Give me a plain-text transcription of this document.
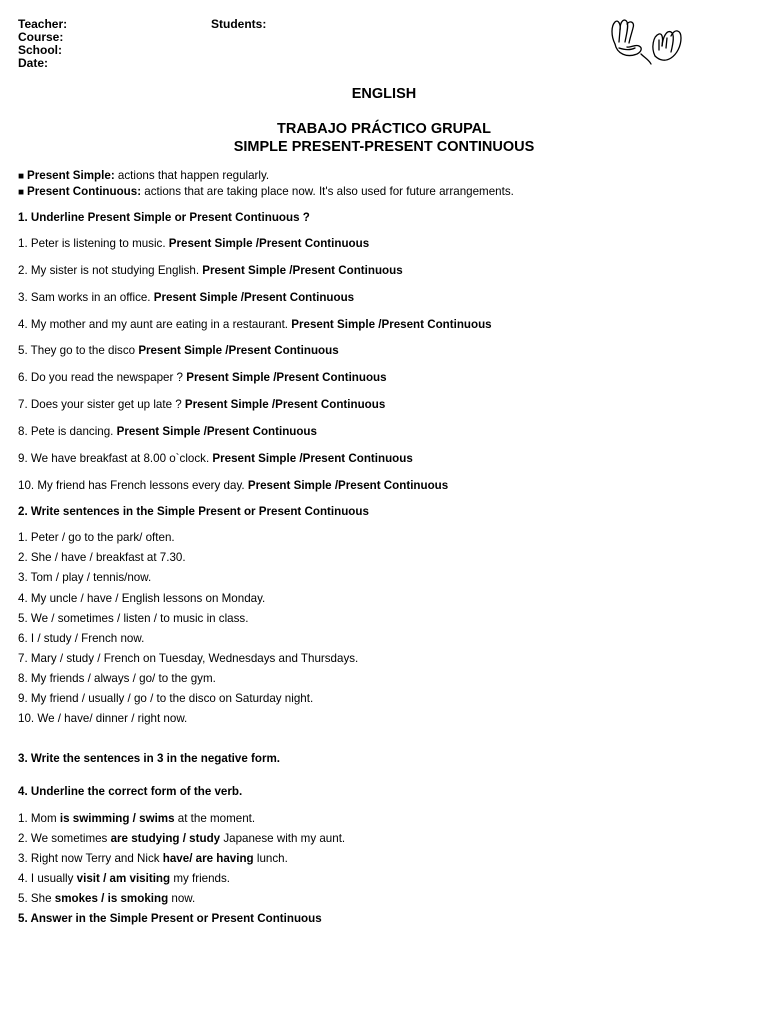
Teacher:
Course:
School:
Date:
Students:
ENGLISH
TRABAJO PRÁCTICO GRUPAL
SIMPLE PRESENT-PRESENT CONTINUOUS
■ Present Simple: actions that happen regularly.
■ Present Continuous: actions that are taking place now. It's also used for future arrangements.
1. Underline Present Simple or Present Continuous ?
1. Peter is listening to music. Present Simple /Present Continuous
2. My sister is not studying English. Present Simple /Present Continuous
3. Sam works in an office. Present Simple /Present Continuous
4. My mother and my aunt are eating in a restaurant. Present Simple /Present Continuous
5. They go to the disco Present Simple /Present Continuous
6. Do you read the newspaper ? Present Simple /Present Continuous
7. Does your sister get up late ? Present Simple /Present Continuous
8. Pete is dancing. Present Simple /Present Continuous
9. We have breakfast at 8.00 o`clock. Present Simple /Present Continuous
10. My friend has French lessons every day. Present Simple /Present Continuous
2. Write sentences in the Simple Present or Present Continuous
1. Peter / go to the park/ often.
2. She / have / breakfast at 7.30.
3. Tom / play / tennis/now.
4. My uncle / have / English lessons on Monday.
5. We / sometimes / listen / to music in class.
6. I / study / French now.
7. Mary / study / French on Tuesday, Wednesdays and Thursdays.
8. My friends / always / go/ to the gym.
9. My friend / usually / go / to the disco on Saturday night.
10. We / have/ dinner / right now.
3. Write the sentences in 3 in the negative form.
4. Underline the correct form of the verb.
1. Mom is swimming / swims at the moment.
2. We sometimes are studying / study Japanese with my aunt.
3. Right now Terry and Nick have/ are having lunch.
4. I usually visit / am visiting my friends.
5. She smokes / is smoking now.
5. Answer in the Simple Present or Present Continuous
